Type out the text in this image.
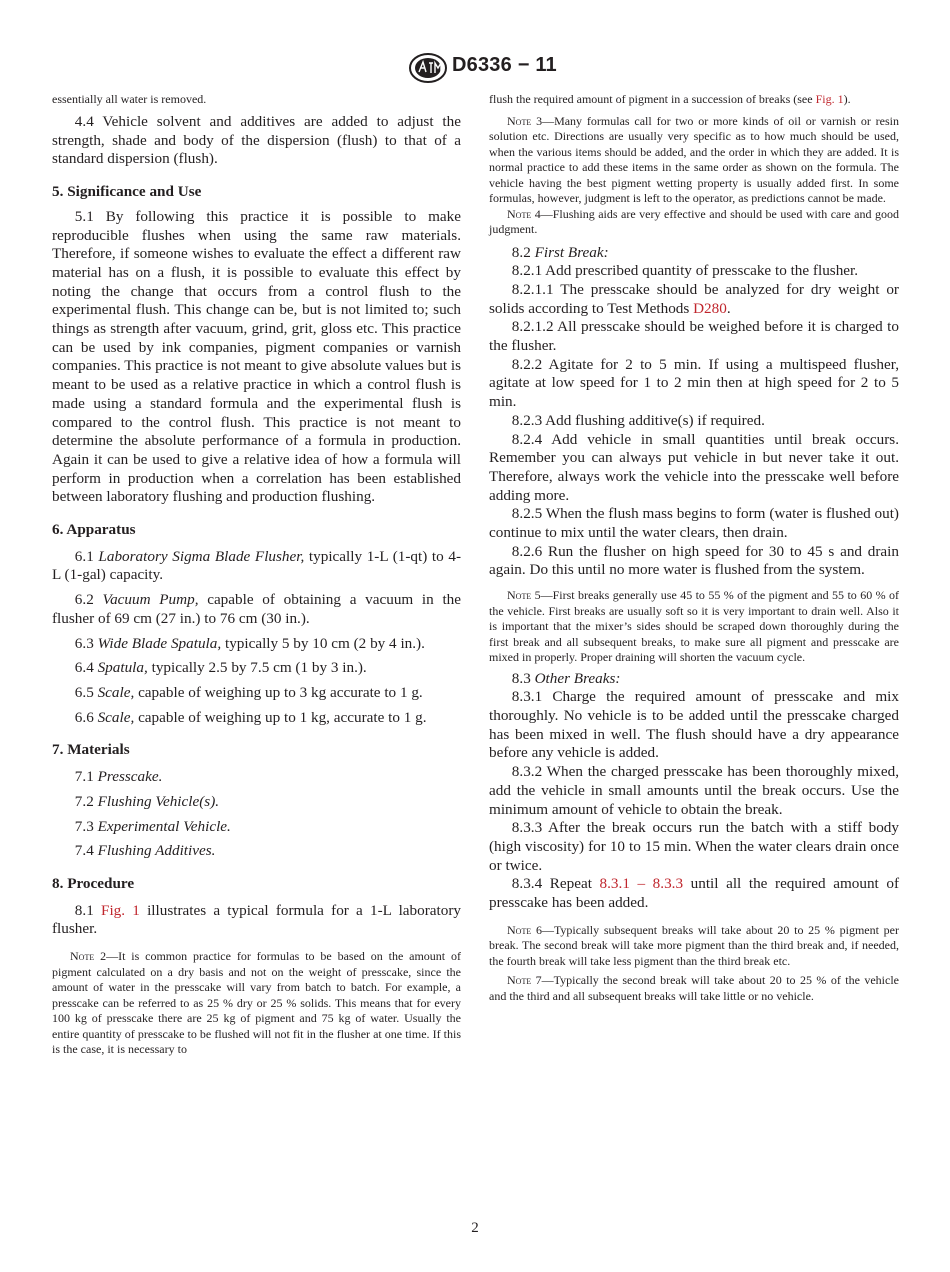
D6336 − 11

essentially all water is removed.

4.4 Vehicle solvent and additives are added to adjust the strength, shade and body of the dispersion (flush) to that of a standard dispersion (flush).

5. Significance and Use

5.1 By following this practice it is possible to make reproducible flushes when using the same raw materials. Therefore, if someone wishes to evaluate the effect a different raw material has on a flush, it is possible to evaluate this effect by noting the change that occurs from a control flush to the experimental flush. This change can be, but is not limited to; such things as strength after vacuum, grind, grit, gloss etc. This practice can be used by ink companies, pigment companies or varnish companies. This practice is not meant to give absolute values but is meant to be used as a relative practice in which a control flush is made using a standard formula and the experimental flush is compared to the control flush. This practice is not meant to determine the absolute performance of a formula in production. Again it can be used to give a relative idea of how a formula will perform in production when a correlation has been established between laboratory flushing and production flushing.

6. Apparatus

6.1 Laboratory Sigma Blade Flusher, typically 1-L (1-qt) to 4-L (1-gal) capacity.

6.2 Vacuum Pump, capable of obtaining a vacuum in the flusher of 69 cm (27 in.) to 76 cm (30 in.).

6.3 Wide Blade Spatula, typically 5 by 10 cm (2 by 4 in.).

6.4 Spatula, typically 2.5 by 7.5 cm (1 by 3 in.).

6.5 Scale, capable of weighing up to 3 kg accurate to 1 g.

6.6 Scale, capable of weighing up to 1 kg, accurate to 1 g.

7. Materials

7.1 Presscake.

7.2 Flushing Vehicle(s).

7.3 Experimental Vehicle.

7.4 Flushing Additives.

8. Procedure

8.1 Fig. 1 illustrates a typical formula for a 1-L laboratory flusher.

Note 2—It is common practice for formulas to be based on the amount of pigment calculated on a dry basis and not on the weight of presscake, since the amount of water in the presscake will vary from batch to batch. For example, a presscake can be referred to as 25 % dry or 25 % solids. This means that for every 100 kg of presscake there are 25 kg of pigment and 75 kg of water. Usually the entire quantity of presscake to be flushed will not fit in the flusher at one time. If this is the case, it is necessary to

flush the required amount of pigment in a succession of breaks (see Fig. 1).

Note 3—Many formulas call for two or more kinds of oil or varnish or resin solution etc. Directions are usually very specific as to how much should be used, when the various items should be added, and the order in which they are added. It is normal practice to add these items in the same order as shown on the formula. The vehicle having the best pigment wetting property is usually added first. In some formulas, however, judgment is left to the operator, as predictions cannot be made.

Note 4—Flushing aids are very effective and should be used with care and good judgment.

8.2 First Break:

8.2.1 Add prescribed quantity of presscake to the flusher.

8.2.1.1 The presscake should be analyzed for dry weight or solids according to Test Methods D280.

8.2.1.2 All presscake should be weighed before it is charged to the flusher.

8.2.2 Agitate for 2 to 5 min. If using a multispeed flusher, agitate at low speed for 1 to 2 min then at high speed for 2 to 5 min.

8.2.3 Add flushing additive(s) if required.

8.2.4 Add vehicle in small quantities until break occurs. Remember you can always put vehicle in but never take it out. Therefore, always work the vehicle into the presscake well before adding more.

8.2.5 When the flush mass begins to form (water is flushed out) continue to mix until the water clears, then drain.

8.2.6 Run the flusher on high speed for 30 to 45 s and drain again. Do this until no more water is flushed from the system.

Note 5—First breaks generally use 45 to 55 % of the pigment and 55 to 60 % of the vehicle. First breaks are usually soft so it is very important to drain well. Also it is important that the mixer’s sides should be scraped down thoroughly during the first break and all subsequent breaks, to make sure all pigment and presscake are mixed in properly. Proper draining will shorten the vacuum cycle.

8.3 Other Breaks:

8.3.1 Charge the required amount of presscake and mix thoroughly. No vehicle is to be added until the presscake charged has been mixed in well. The flush should have a dry appearance before any vehicle is added.

8.3.2 When the charged presscake has been thoroughly mixed, add the vehicle in small amounts until the break occurs. Use the minimum amount of vehicle to obtain the break.

8.3.3 After the break occurs run the batch with a stiff body (high viscosity) for 10 to 15 min. When the water clears drain once or twice.

8.3.4 Repeat 8.3.1 – 8.3.3 until all the required amount of presscake has been added.

Note 6—Typically subsequent breaks will take about 20 to 25 % pigment per break. The second break will take more pigment than the third break and, if needed, the fourth break will take less pigment than the third break etc.

Note 7—Typically the second break will take about 20 to 25 % of the vehicle and the third and all subsequent breaks will take little or no vehicle.

2
